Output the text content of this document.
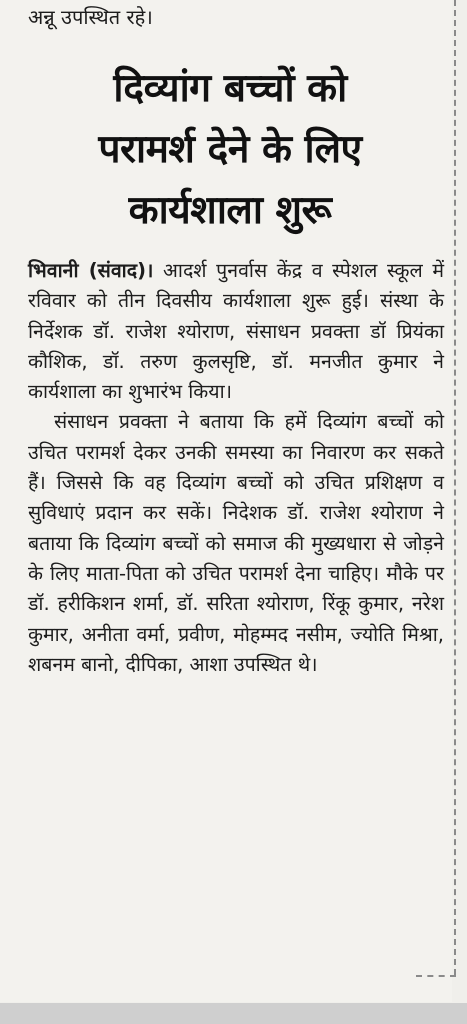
अन्नू उपस्थित रहे।
दिव्यांग बच्चों को
परामर्श देने के लिए
कार्यशाला शुरू

भिवानी (संवाद)। आदर्श पुनर्वास केंद्र व स्पेशल स्कूल में रविवार को तीन दिवसीय कार्यशाला शुरू हुई। संस्था के निर्देशक डॉ. राजेश श्योराण, संसाधन प्रवक्ता डॉ प्रियंका कौशिक, डॉ. तरुण कुलसृष्टि, डॉ. मनजीत कुमार ने कार्यशाला का शुभारंभ किया।

संसाधन प्रवक्ता ने बताया कि हमें दिव्यांग बच्चों को उचित परामर्श देकर उनकी समस्या का निवारण कर सकते हैं। जिससे कि वह दिव्यांग बच्चों को उचित प्रशिक्षण व सुविधाएं प्रदान कर सकें। निदेशक डॉ. राजेश श्योराण ने बताया कि दिव्यांग बच्चों को समाज की मुख्यधारा से जोड़ने के लिए माता-पिता को उचित परामर्श देना चाहिए। मौके पर डॉ. हरीकिशन शर्मा, डॉ. सरिता श्योराण, रिंकू कुमार, नरेश कुमार, अनीता वर्मा, प्रवीण, मोहम्मद नसीम, ज्योति मिश्रा, शबनम बानो, दीपिका, आशा उपस्थित थे।
